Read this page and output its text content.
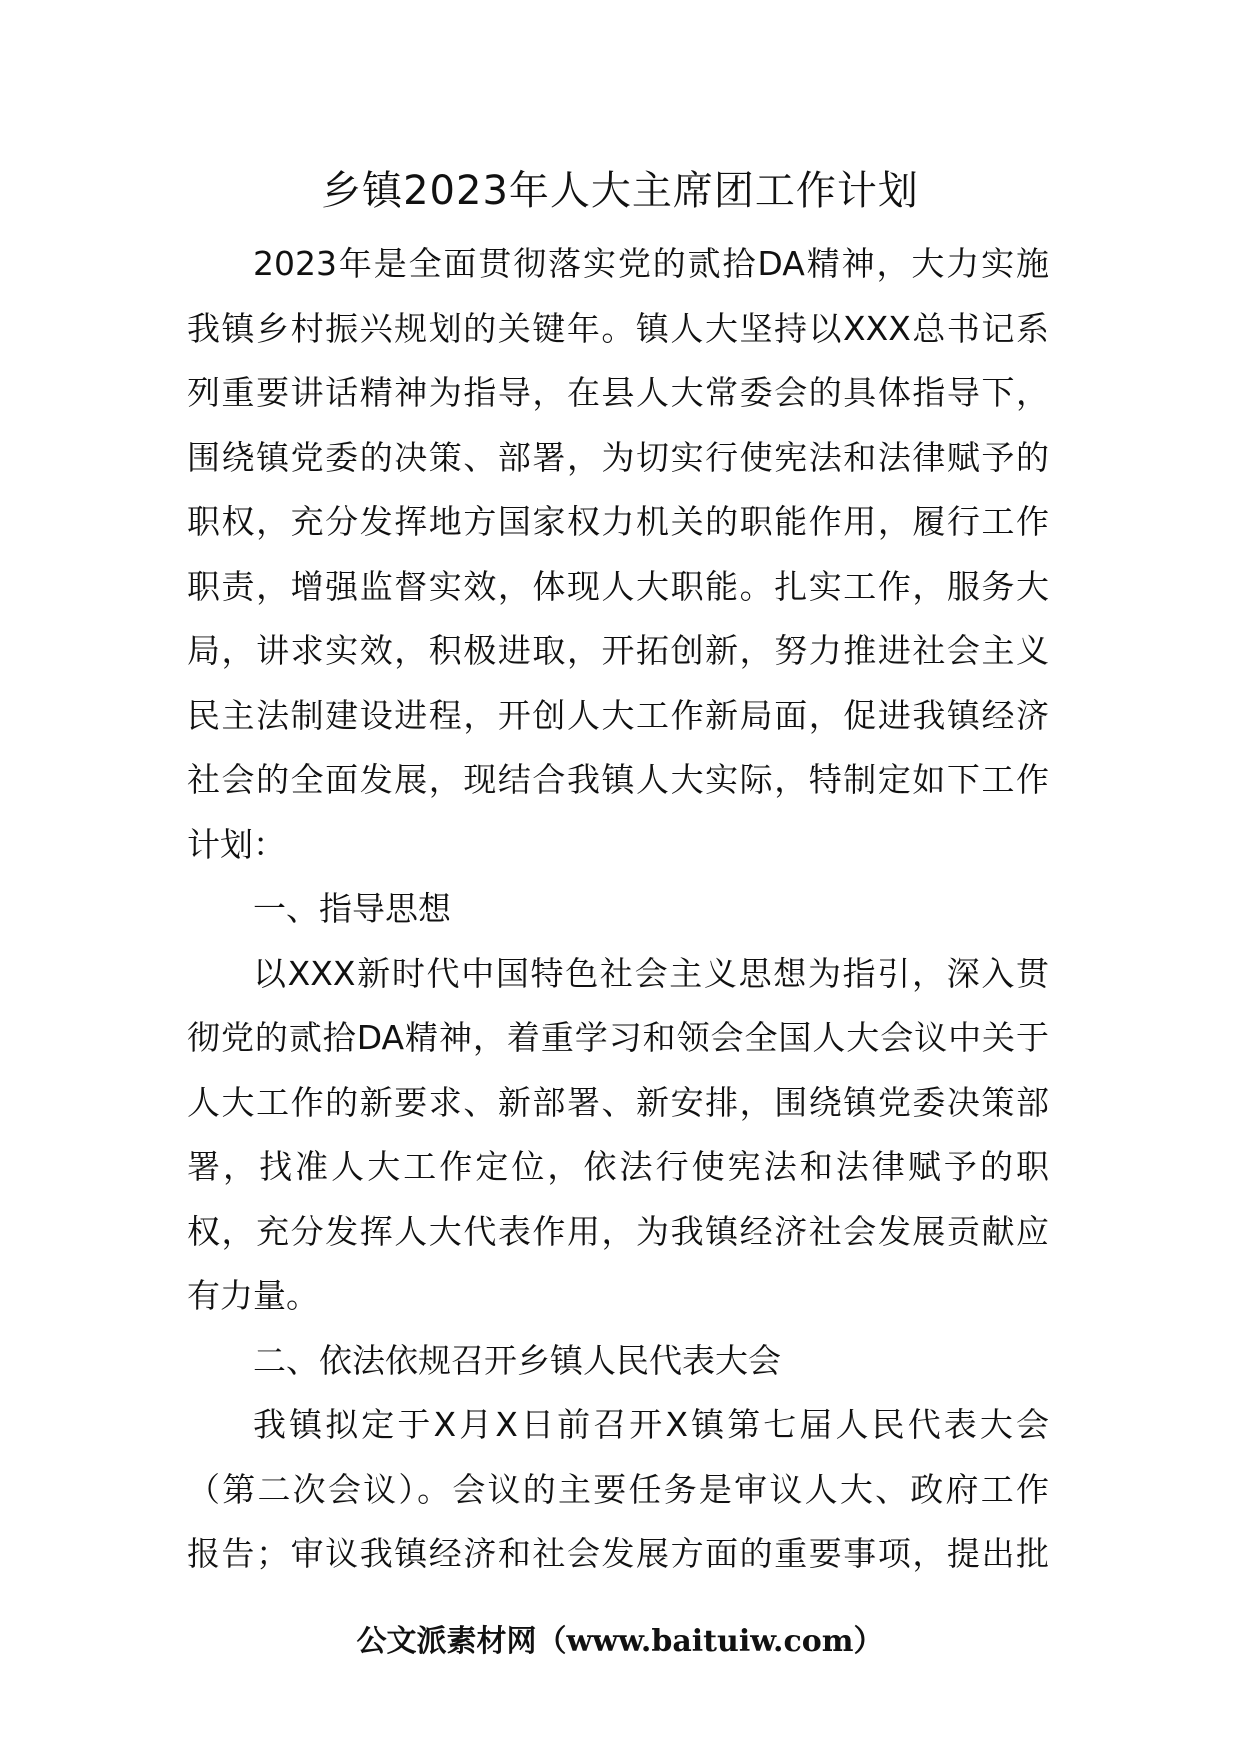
乡镇2023年人大主席团工作计划
2023年是全面贯彻落实党的贰拾DA精神，大力实施
我镇乡村振兴规划的关键年。镇人大坚持以XXX总书记系
列重要讲话精神为指导，在县人大常委会的具体指导下，
围绕镇党委的决策、部署，为切实行使宪法和法律赋予的
职权，充分发挥地方国家权力机关的职能作用，履行工作
职责，增强监督实效，体现人大职能。扎实工作，服务大
局，讲求实效，积极进取，开拓创新，努力推进社会主义
民主法制建设进程，开创人大工作新局面，促进我镇经济
社会的全面发展，现结合我镇人大实际，特制定如下工作
计划：
一、指导思想
以XXX新时代中国特色社会主义思想为指引，深入贯
彻党的贰拾DA精神，着重学习和领会全国人大会议中关于
人大工作的新要求、新部署、新安排，围绕镇党委决策部
署，找准人大工作定位，依法行使宪法和法律赋予的职
权，充分发挥人大代表作用，为我镇经济社会发展贡献应
有力量。
二、依法依规召开乡镇人民代表大会
我镇拟定于X月X日前召开X镇第七届人民代表大会
（第二次会议）。会议的主要任务是审议人大、政府工作
报告；审议我镇经济和社会发展方面的重要事项，提出批
公文派素材网（www.baituiw.com）
